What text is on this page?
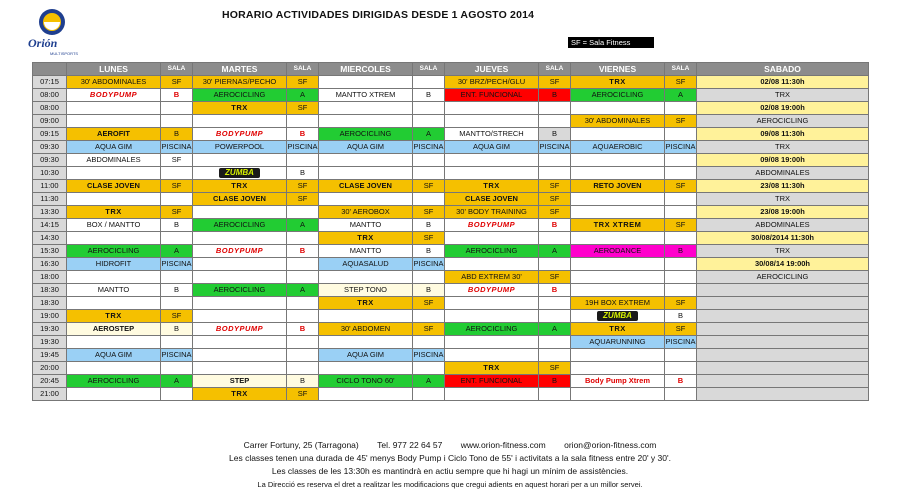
Orión
MULTISPORTS
HORARIO ACTIVIDADES DIRIGIDAS DESDE 1 AGOSTO 2014
SF = Sala Fitness
	LUNES	SALA	MARTES	SALA	MIERCOLES	SALA	JUEVES	SALA	VIERNES	SALA	SABADO
07:15	30' ABDOMINALES	SF	30' PIERNAS/PECHO	SF			30' BRZ/PECH/GLU	SF	TRX	SF	02/08 11:30h
08:00	BODYPUMP	B	AEROCICLING	A	MANTTO XTREM	B	ENT. FUNCIONAL	B	AEROCICLING	A	TRX
08:00			TRX	SF							02/08 19:00h
09:00									30' ABDOMINALES	SF	AEROCICLING
09:15	AEROFIT	B	BODYPUMP	B	AEROCICLING	A	MANTTO/STRECH	B			09/08 11:30h
09:30	AQUA GIM	PISCINA	POWERPOOL	PISCINA	AQUA GIM	PISCINA	AQUA GIM	PISCINA	AQUAEROBIC	PISCINA	TRX
09:30	ABDOMINALES	SF									09/08 19:00h
10:30			ZUMBA	B							ABDOMINALES
11:00	CLASE JOVEN	SF	TRX	SF	CLASE JOVEN	SF	TRX	SF	RETO JOVEN	SF	23/08 11:30h
11:30			CLASE JOVEN	SF			CLASE JOVEN	SF			TRX
13:30	TRX	SF			30' AEROBOX	SF	30' BODY TRAINING	SF			23/08 19:00h
14:15	BOX / MANTTO	B	AEROCICLING	A	MANTTO	B	BODYPUMP	B	TRX XTREM	SF	ABDOMINALES
14:30					TRX	SF					30/08/2014 11:30h
15:30	AEROCICLING	A	BODYPUMP	B	MANTTO	B	AEROCICLING	A	AERODANCE	B	TRX
16:30	HIDROFIT	PISCINA			AQUASALUD	PISCINA					30/08/14 19:00h
18:00							ABD EXTREM 30'	SF			AEROCICLING
18:30	MANTTO	B	AEROCICLING	A	STEP TONO	B	BODYPUMP	B			
18:30					TRX	SF			19H BOX EXTREM	SF	
19:00	TRX	SF							ZUMBA	B	
19:30	AEROSTEP	B	BODYPUMP	B	30' ABDOMEN	SF	AEROCICLING	A	TRX	SF	
19:30									AQUARUNNING	PISCINA	
19:45	AQUA GIM	PISCINA			AQUA GIM	PISCINA					
20:00							TRX	SF			
20:45	AEROCICLING	A	STEP	B	CICLO TONO 60'	A	ENT. FUNCIONAL	B	Body Pump Xtrem	B	
21:00			TRX	SF							
Carrer Fortuny, 25 (Tarragona) Tel. 977 22 64 57 www.orion-fitness.com orion@orion-fitness.com
Les classes tenen una durada de 45' menys Body Pump i Ciclo Tono de 55' i activitats a la sala fitness entre 20' y 30'.
Les classes de les 13:30h es mantindrà en actiu sempre que hi hagi un mínim de assistències.
La Direcció es reserva el dret a realitzar les modificacions que cregui adients en aquest horari per a un millor servei.
